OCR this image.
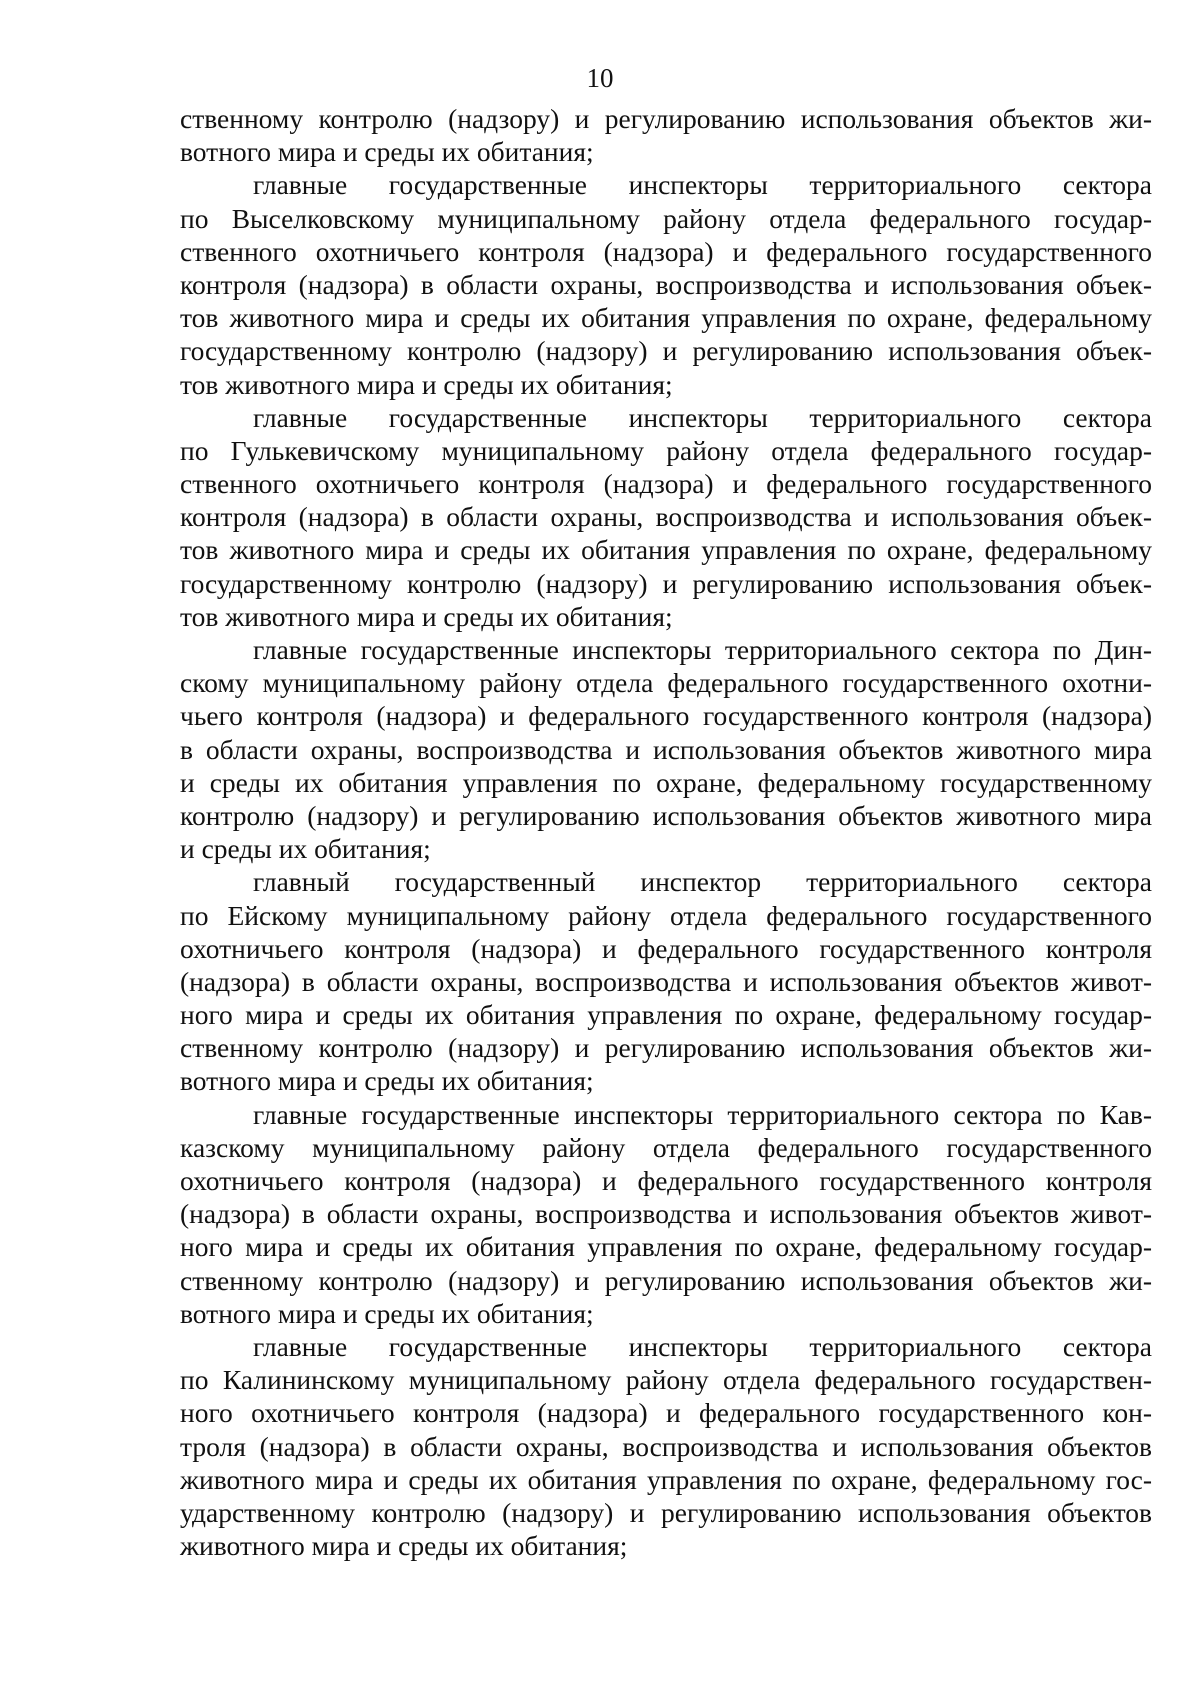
10
ственному контролю (надзору) и регулированию использования объектов жи-
вотного мира и среды их обитания;
главные государственные инспекторы территориального сектора
по Выселковскому муниципальному району отдела федерального государ-
ственного охотничьего контроля (надзора) и федерального государственного
контроля (надзора) в области охраны, воспроизводства и использования объек-
тов животного мира и среды их обитания управления по охране, федеральному
государственному контролю (надзору) и регулированию использования объек-
тов животного мира и среды их обитания;
главные государственные инспекторы территориального сектора
по Гулькевичскому муниципальному району отдела федерального государ-
ственного охотничьего контроля (надзора) и федерального государственного
контроля (надзора) в области охраны, воспроизводства и использования объек-
тов животного мира и среды их обитания управления по охране, федеральному
государственному контролю (надзору) и регулированию использования объек-
тов животного мира и среды их обитания;
главные государственные инспекторы территориального сектора по Дин-
скому муниципальному району отдела федерального государственного охотни-
чьего контроля (надзора) и федерального государственного контроля (надзора)
в области охраны, воспроизводства и использования объектов животного мира
и среды их обитания управления по охране, федеральному государственному
контролю (надзору) и регулированию использования объектов животного мира
и среды их обитания;
главный государственный инспектор территориального сектора
по Ейскому муниципальному району отдела федерального государственного
охотничьего контроля (надзора) и федерального государственного контроля
(надзора) в области охраны, воспроизводства и использования объектов живот-
ного мира и среды их обитания управления по охране, федеральному государ-
ственному контролю (надзору) и регулированию использования объектов жи-
вотного мира и среды их обитания;
главные государственные инспекторы территориального сектора по Кав-
казскому муниципальному району отдела федерального государственного
охотничьего контроля (надзора) и федерального государственного контроля
(надзора) в области охраны, воспроизводства и использования объектов живот-
ного мира и среды их обитания управления по охране, федеральному государ-
ственному контролю (надзору) и регулированию использования объектов жи-
вотного мира и среды их обитания;
главные государственные инспекторы территориального сектора
по Калининскому муниципальному району отдела федерального государствен-
ного охотничьего контроля (надзора) и федерального государственного кон-
троля (надзора) в области охраны, воспроизводства и использования объектов
животного мира и среды их обитания управления по охране, федеральному гос-
ударственному контролю (надзору) и регулированию использования объектов
животного мира и среды их обитания;
